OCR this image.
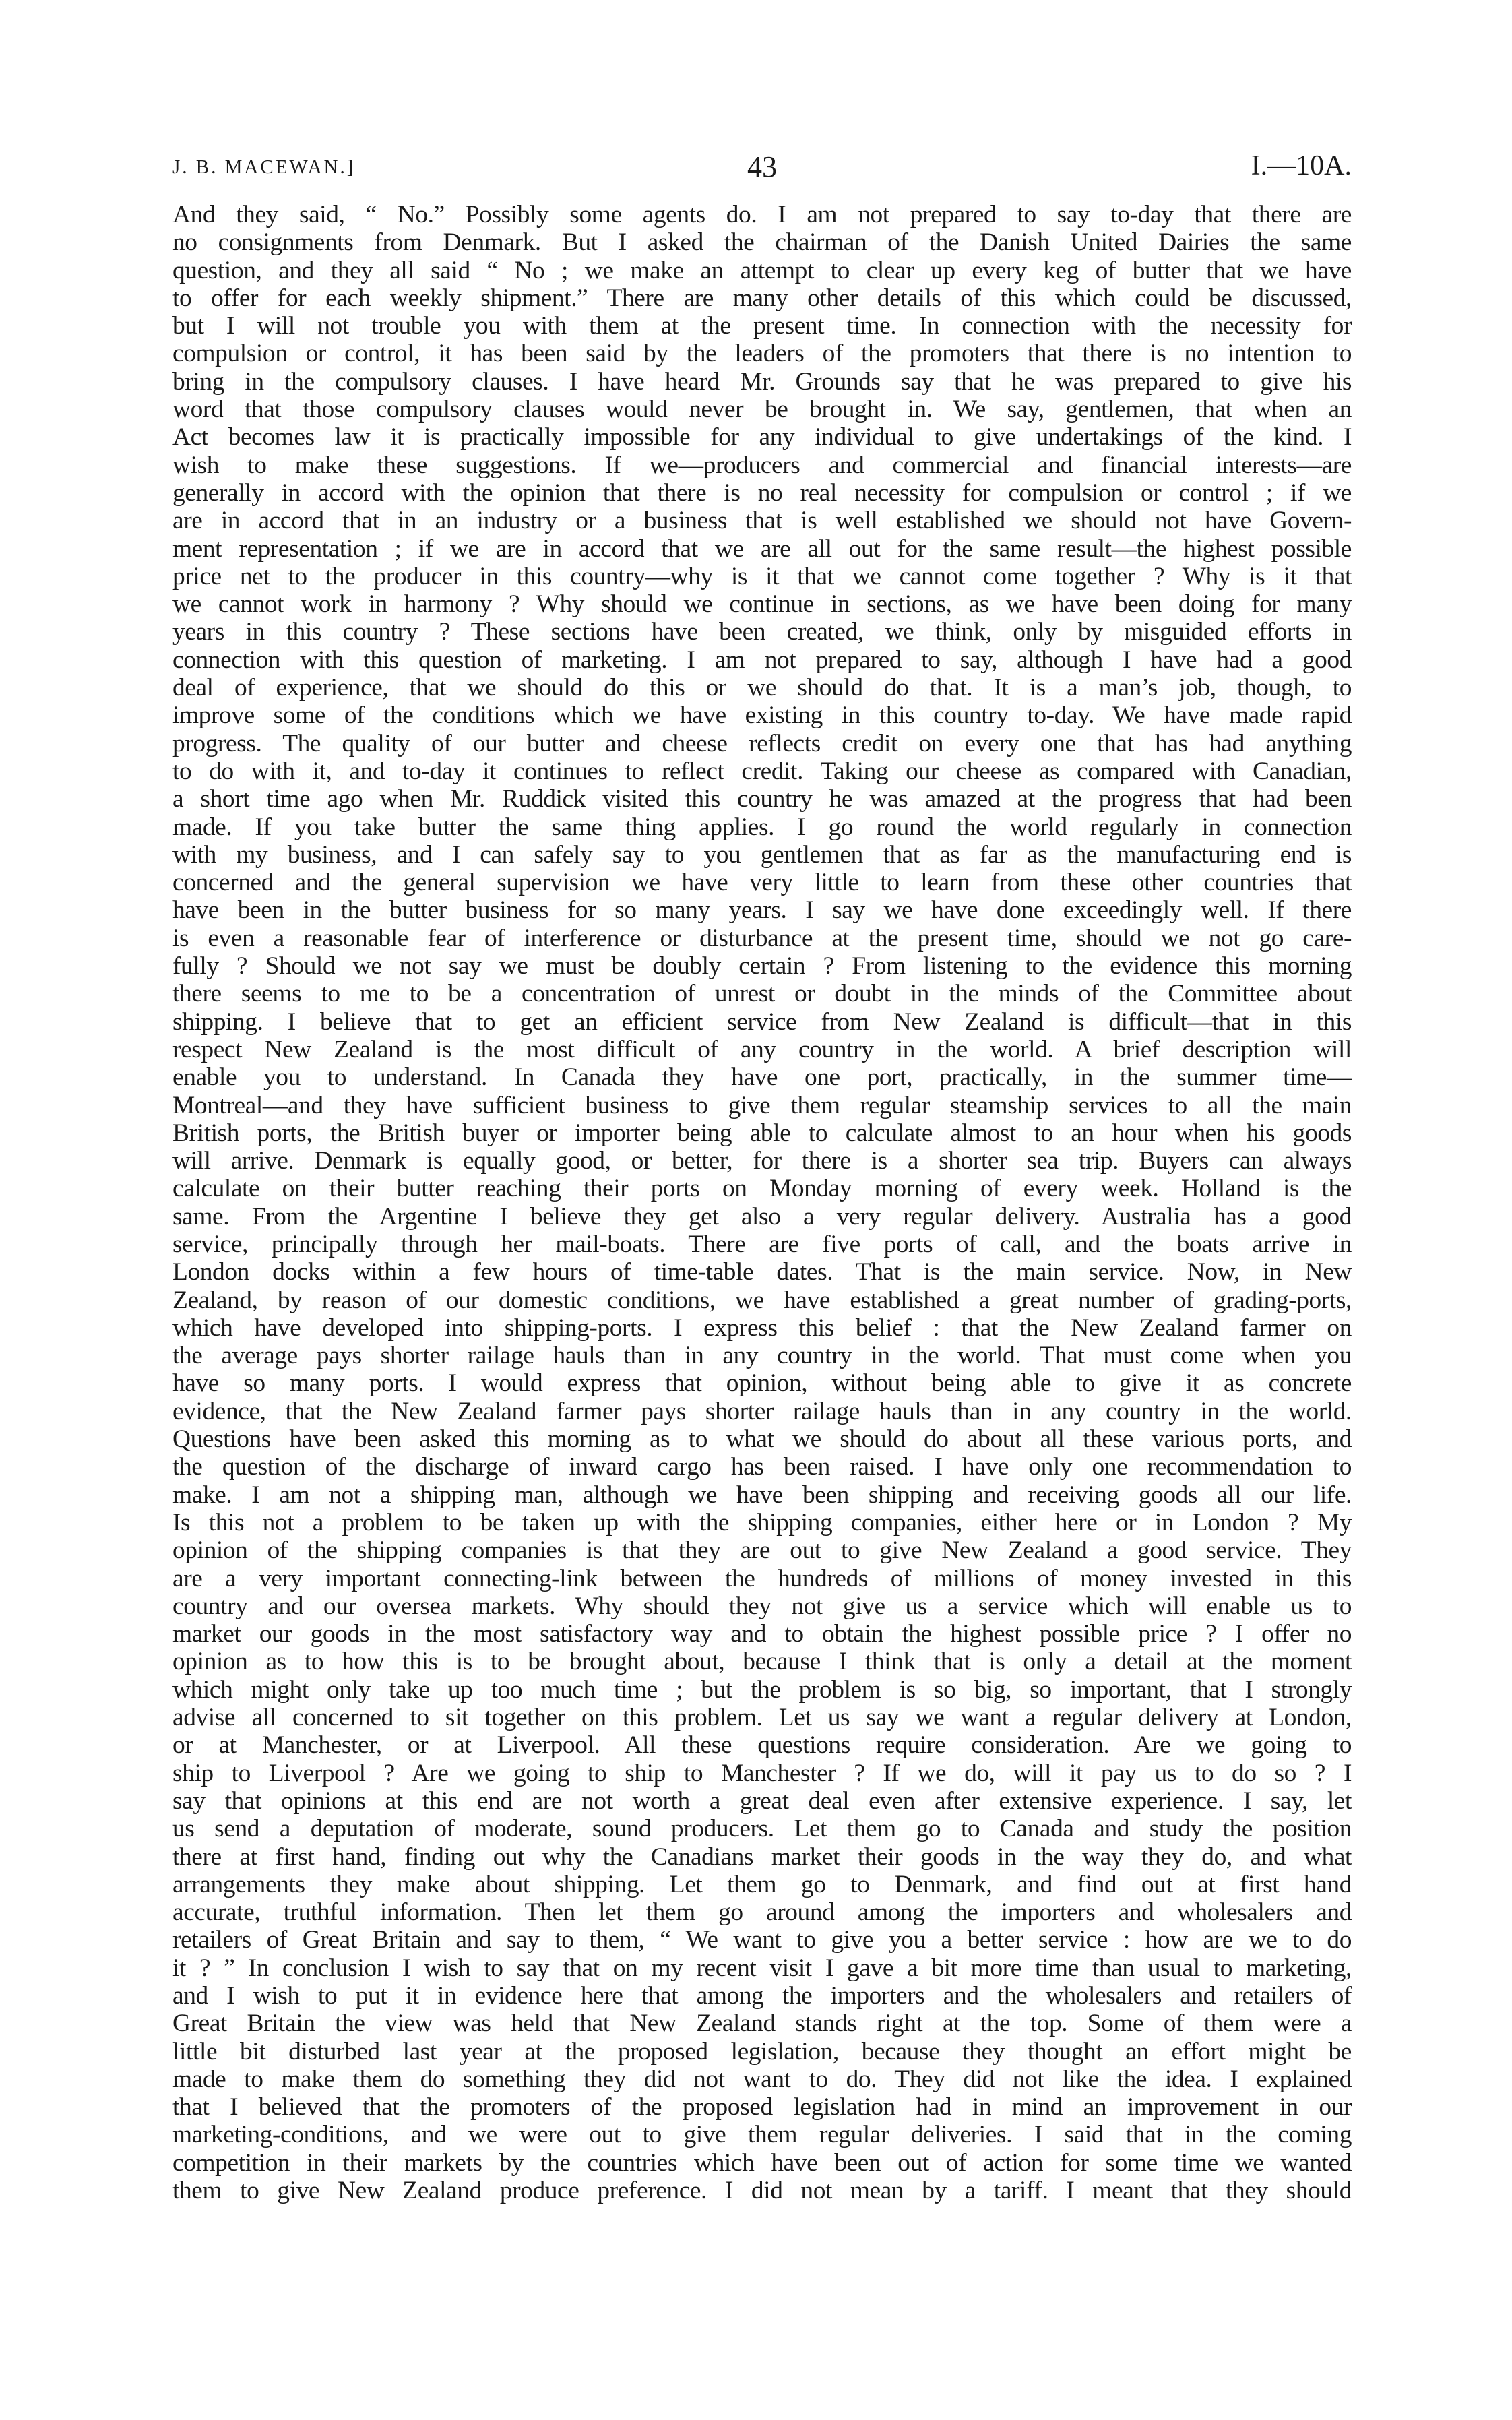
J. B. MACEWAN.]	43	I.—10A.
And they said, “ No.” Possibly some agents do. I am not prepared to say to-day that there are
no consignments from Denmark. But I asked the chairman of the Danish United Dairies the same
question, and they all said “ No ; we make an attempt to clear up every keg of butter that we have
to offer for each weekly shipment.” There are many other details of this which could be discussed,
but I will not trouble you with them at the present time. In connection with the necessity for
compulsion or control, it has been said by the leaders of the promoters that there is no intention to
bring in the compulsory clauses. I have heard Mr. Grounds say that he was prepared to give his
word that those compulsory clauses would never be brought in. We say, gentlemen, that when an
Act becomes law it is practically impossible for any individual to give undertakings of the kind. I
wish to make these suggestions. If we—producers and commercial and financial interests—are
generally in accord with the opinion that there is no real necessity for compulsion or control ; if we
are in accord that in an industry or a business that is well established we should not have Govern-
ment representation ; if we are in accord that we are all out for the same result—the highest possible
price net to the producer in this country—why is it that we cannot come together ? Why is it that
we cannot work in harmony ? Why should we continue in sections, as we have been doing for many
years in this country ? These sections have been created, we think, only by misguided efforts in
connection with this question of marketing. I am not prepared to say, although I have had a good
deal of experience, that we should do this or we should do that. It is a man’s job, though, to
improve some of the conditions which we have existing in this country to-day. We have made rapid
progress. The quality of our butter and cheese reflects credit on every one that has had anything
to do with it, and to-day it continues to reflect credit. Taking our cheese as compared with Canadian,
a short time ago when Mr. Ruddick visited this country he was amazed at the progress that had been
made. If you take butter the same thing applies. I go round the world regularly in connection
with my business, and I can safely say to you gentlemen that as far as the manufacturing end is
concerned and the general supervision we have very little to learn from these other countries that
have been in the butter business for so many years. I say we have done exceedingly well. If there
is even a reasonable fear of interference or disturbance at the present time, should we not go care-
fully ? Should we not say we must be doubly certain ? From listening to the evidence this morning
there seems to me to be a concentration of unrest or doubt in the minds of the Committee about
shipping. I believe that to get an efficient service from New Zealand is difficult—that in this
respect New Zealand is the most difficult of any country in the world. A brief description will
enable you to understand. In Canada they have one port, practically, in the summer time—
Montreal—and they have sufficient business to give them regular steamship services to all the main
British ports, the British buyer or importer being able to calculate almost to an hour when his goods
will arrive. Denmark is equally good, or better, for there is a shorter sea trip. Buyers can always
calculate on their butter reaching their ports on Monday morning of every week. Holland is the
same. From the Argentine I believe they get also a very regular delivery. Australia has a good
service, principally through her mail-boats. There are five ports of call, and the boats arrive in
London docks within a few hours of time-table dates. That is the main service. Now, in New
Zealand, by reason of our domestic conditions, we have established a great number of grading-ports,
which have developed into shipping-ports. I express this belief : that the New Zealand farmer on
the average pays shorter railage hauls than in any country in the world. That must come when you
have so many ports. I would express that opinion, without being able to give it as concrete
evidence, that the New Zealand farmer pays shorter railage hauls than in any country in the world.
Questions have been asked this morning as to what we should do about all these various ports, and
the question of the discharge of inward cargo has been raised. I have only one recommendation to
make. I am not a shipping man, although we have been shipping and receiving goods all our life.
Is this not a problem to be taken up with the shipping companies, either here or in London ? My
opinion of the shipping companies is that they are out to give New Zealand a good service. They
are a very important connecting-link between the hundreds of millions of money invested in this
country and our oversea markets. Why should they not give us a service which will enable us to
market our goods in the most satisfactory way and to obtain the highest possible price ? I offer no
opinion as to how this is to be brought about, because I think that is only a detail at the moment
which might only take up too much time ; but the problem is so big, so important, that I strongly
advise all concerned to sit together on this problem. Let us say we want a regular delivery at London,
or at Manchester, or at Liverpool. All these questions require consideration. Are we going to
ship to Liverpool ? Are we going to ship to Manchester ? If we do, will it pay us to do so ? I
say that opinions at this end are not worth a great deal even after extensive experience. I say, let
us send a deputation of moderate, sound producers. Let them go to Canada and study the position
there at first hand, finding out why the Canadians market their goods in the way they do, and what
arrangements they make about shipping. Let them go to Denmark, and find out at first hand
accurate, truthful information. Then let them go around among the importers and wholesalers and
retailers of Great Britain and say to them, “ We want to give you a better service : how are we to do
it ? ” In conclusion I wish to say that on my recent visit I gave a bit more time than usual to marketing,
and I wish to put it in evidence here that among the importers and the wholesalers and retailers of
Great Britain the view was held that New Zealand stands right at the top. Some of them were a
little bit disturbed last year at the proposed legislation, because they thought an effort might be
made to make them do something they did not want to do. They did not like the idea. I explained
that I believed that the promoters of the proposed legislation had in mind an improvement in our
marketing-conditions, and we were out to give them regular deliveries. I said that in the coming
competition in their markets by the countries which have been out of action for some time we wanted
them to give New Zealand produce preference. I did not mean by a tariff. I meant that they should
